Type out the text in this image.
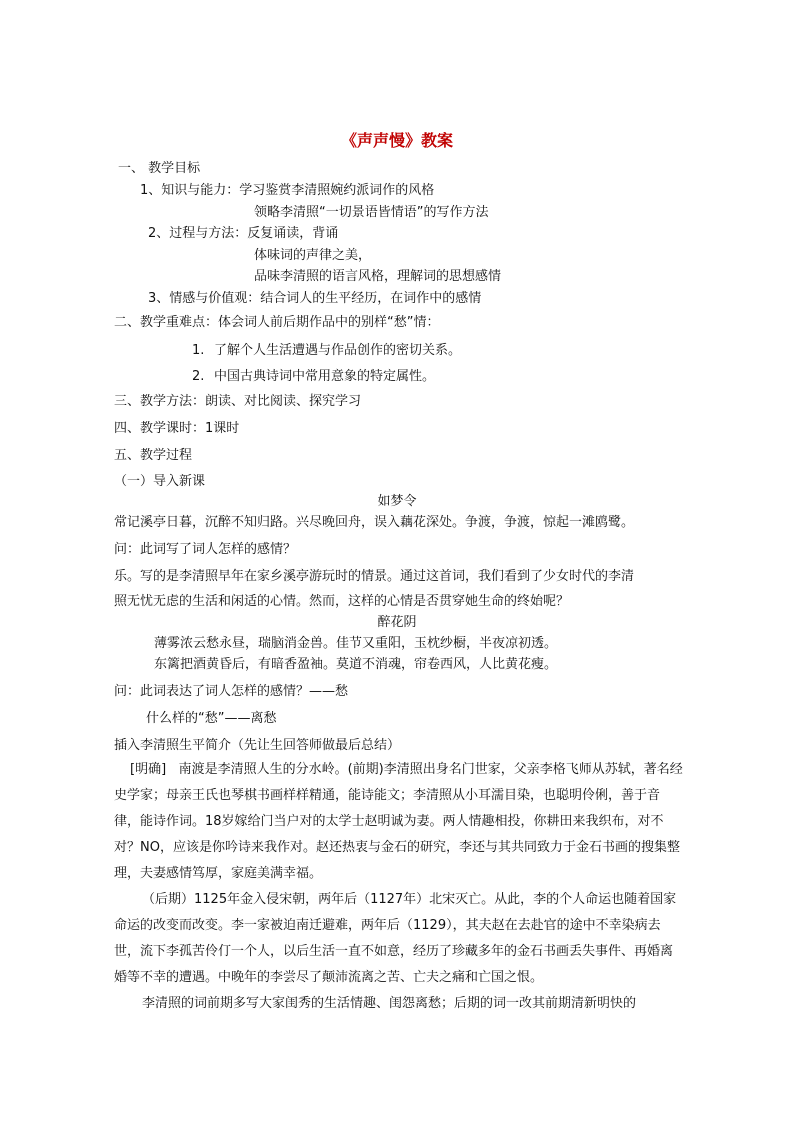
《声声慢》教案
一、 教学目标
1、知识与能力：学习鉴赏李清照婉约派词作的风格
领略李清照“一切景语皆情语”的写作方法
2、过程与方法：反复诵读，背诵
体味词的声律之美，
品味李清照的语言风格，理解词的思想感情
3、情感与价值观：结合词人的生平经历，在词作中的感情
二、教学重难点：体会词人前后期作品中的别样“愁”情：
1. 了解个人生活遭遇与作品创作的密切关系。
2. 中国古典诗词中常用意象的特定属性。
三、教学方法：朗读、对比阅读、探究学习
四、教学课时：1课时
五、教学过程
（一）导入新课
如梦令
常记溪亭日暮，沉醉不知归路。兴尽晚回舟，误入藕花深处。争渡，争渡，惊起一滩鸥鹭。
问：此词写了词人怎样的感情？
乐。写的是李清照早年在家乡溪亭游玩时的情景。通过这首词，我们看到了少女时代的李清
照无忧无虑的生活和闲适的心情。然而，这样的心情是否贯穿她生命的终始呢？
醉花阴
薄雾浓云愁永昼，瑞脑消金兽。佳节又重阳，玉枕纱橱，半夜凉初透。
东篱把酒黄昏后，有暗香盈袖。莫道不消魂，帘卷西风，人比黄花瘦。
问：此词表达了词人怎样的感情？——愁
什么样的“愁”——离愁
插入李清照生平简介（先让生回答师做最后总结）
[明确] 南渡是李清照人生的分水岭。(前期)李清照出身名门世家，父亲李格飞师从苏轼，著名经史学家；母亲王氏也琴棋书画样样精通，能诗能文；李清照从小耳濡目染，也聪明伶俐，善于音律，能诗作词。18岁嫁给门当户对的太学士赵明诚为妻。两人情趣相投，你耕田来我织布，对不对？NO，应该是你吟诗来我作对。赵还热衷与金石的研究，李还与其共同致力于金石书画的搜集整理，夫妻感情笃厚，家庭美满幸福。
（后期）1125年金入侵宋朝，两年后（1127年）北宋灭亡。从此，李的个人命运也随着国家命运的改变而改变。李一家被迫南迁避难，两年后（1129），其夫赵在去赴官的途中不幸染病去世，流下李孤苦伶仃一个人，以后生活一直不如意，经历了珍藏多年的金石书画丢失事件、再婚离婚等不幸的遭遇。中晚年的李尝尽了颠沛流离之苦、亡夫之痛和亡国之恨。
李清照的词前期多写大家闺秀的生活情趣、闺怨离愁；后期的词一改其前期清新明快的
